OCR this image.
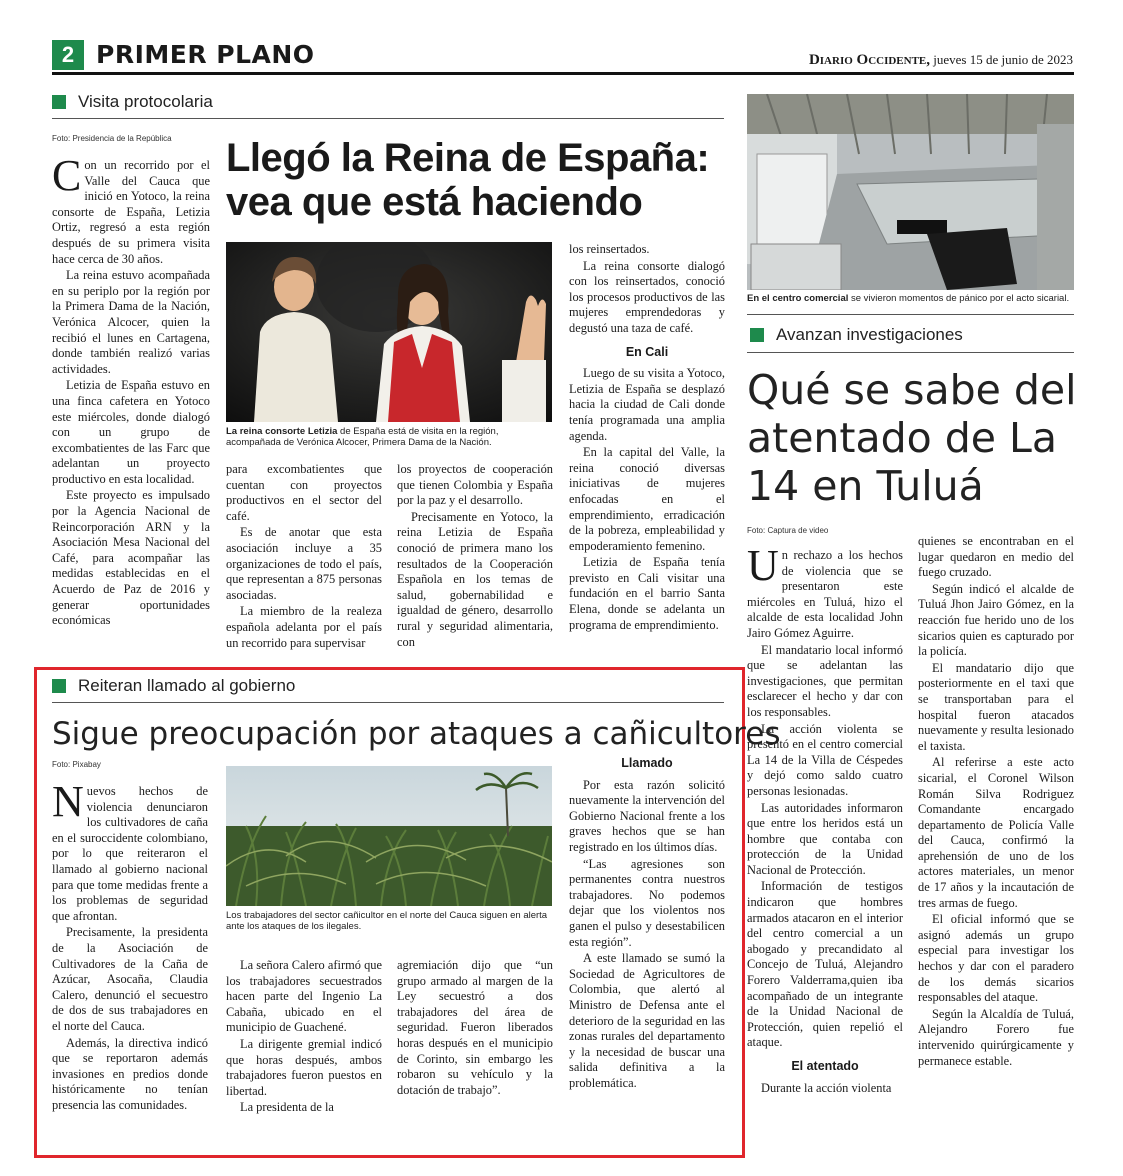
2 PRIMER PLANO	Diario Occidente, jueves 15 de junio de 2023
Visita protocolaria
Foto: Presidencia de la República Llegó la Reina de España: vea que está haciendo

Con un recorrido por el Valle del Cauca que inició en Yotoco, la reina consorte de España, Letizia Ortiz, regresó a esta región después de su primera visita hace cerca de 30 años.

La reina estuvo acompañada en su periplo por la región por la Primera Dama de la Nación, Verónica Alcocer, quien la recibió el lunes en Cartagena, donde también realizó varias actividades.

Letizia de España estuvo en una finca cafetera en Yotoco este miércoles, donde dialogó con un grupo de excombatientes de las Farc que adelantan un proyecto productivo en esta localidad.

Este proyecto es impulsado por la Agencia Nacional de Reincorporación ARN y la Asociación Mesa Nacional del Café, para acompañar las medidas establecidas en el Acuerdo de Paz de 2016 y generar oportunidades económicas

La reina consorte Letizia de España está de visita en la región, acompañada de Verónica Alcocer, Primera Dama de la Nación.

para excombatientes que cuentan con proyectos productivos en el sector del café.

Es de anotar que esta asociación incluye a 35 organizaciones de todo el país, que representan a 875 personas asociadas.

La miembro de la realeza española adelanta por el país un recorrido para supervisar

los proyectos de cooperación que tienen Colombia y España por la paz y el desarrollo.

Precisamente en Yotoco, la reina Letizia de España conoció de primera mano los resultados de la Cooperación Española en los temas de salud, gobernabilidad e igualdad de género, desarrollo rural y seguridad alimentaria, con

los reinsertados.

La reina consorte dialogó con los reinsertados, conoció los procesos productivos de las mujeres emprendedoras y degustó una taza de café.

En Cali

Luego de su visita a Yotoco, Letizia de España se desplazó hacia la ciudad de Cali donde tenía programada una amplia agenda.

En la capital del Valle, la reina conoció diversas iniciativas de mujeres enfocadas en el emprendimiento, erradicación de la pobreza, empleabilidad y empoderamiento femenino.

Letizia de España tenía previsto en Cali visitar una fundación en el barrio Santa Elena, donde se adelanta un programa de emprendimiento.

En el centro comercial se vivieron momentos de pánico por el acto sicarial.
Avanzan investigaciones
Qué se sabe del atentado de La 14 en Tuluá
Foto: Captura de video

Un rechazo a los hechos de violencia que se presentaron este miércoles en Tuluá, hizo el alcalde de esta localidad John Jairo Gómez Aguirre.

El mandatario local informó que se adelantan las investigaciones, que permitan esclarecer el hecho y dar con los responsables.

La acción violenta se presentó en el centro comercial La 14 de la Villa de Céspedes y dejó como saldo cuatro personas lesionadas.

Las autoridades informaron que entre los heridos está un hombre que contaba con protección de la Unidad Nacional de Protección.

Información de testigos indicaron que hombres armados atacaron en el interior del centro comercial a un abogado y precandidato al Concejo de Tuluá, Alejandro Forero Valderrama,quien iba acompañado de un integrante de la Unidad Nacional de Protección, quien repelió el ataque.

El atentado

Durante la acción violenta

quienes se encontraban en el lugar quedaron en medio del fuego cruzado.

Según indicó el alcalde de Tuluá Jhon Jairo Gómez, en la reacción fue herido uno de los sicarios quien es capturado por la policía.

El mandatario dijo que posteriormente en el taxi que se transportaban para el hospital fueron atacados nuevamente y resulta lesionado el taxista.

Al referirse a este acto sicarial, el Coronel Wilson Román Silva Rodriguez Comandante encargado departamento de Policía Valle del Cauca, confirmó la aprehensión de uno de los actores materiales, un menor de 17 años y la incautación de tres armas de fuego.

El oficial informó que se asignó además un grupo especial para investigar los hechos y dar con el paradero de los demás sicarios responsables del ataque.

Según la Alcaldía de Tuluá, Alejandro Forero fue intervenido quirúrgicamente y permanece estable.

Reiteran llamado al gobierno
Sigue preocupación por ataques a cañicultores
Foto: Pixabay

Nuevos hechos de violencia denunciaron los cultivadores de caña en el suroccidente colombiano, por lo que reiteraron el llamado al gobierno nacional para que tome medidas frente a los problemas de seguridad que afrontan.

Precisamente, la presidenta de la Asociación de Cultivadores de la Caña de Azúcar, Asocaña, Claudia Calero, denunció el secuestro de dos de sus trabajadores en el norte del Cauca.

Además, la directiva indicó que se reportaron además invasiones en predios donde históricamente no tenían presencia las comunidades.

Los trabajadores del sector cañicultor en el norte del Cauca siguen en alerta ante los ataques de los ilegales.

La señora Calero afirmó que los trabajadores secuestrados hacen parte del Ingenio La Cabaña, ubicado en el municipio de Guachené.

La dirigente gremial indicó que horas después, ambos trabajadores fueron puestos en libertad.

La presidenta de la

agremiación dijo que “un grupo armado al margen de la Ley secuestró a dos trabajadores del área de seguridad. Fueron liberados horas después en el municipio de Corinto, sin embargo les robaron su vehículo y la dotación de trabajo”.

Llamado

Por esta razón solicitó nuevamente la intervención del Gobierno Nacional frente a los graves hechos que se han registrado en los últimos días.

“Las agresiones son permanentes contra nuestros trabajadores. No podemos dejar que los violentos nos ganen el pulso y desestabilicen esta región”.

A este llamado se sumó la Sociedad de Agricultores de Colombia, que alertó al Ministro de Defensa ante el deterioro de la seguridad en las zonas rurales del departamento y la necesidad de buscar una salida definitiva a la problemática.
